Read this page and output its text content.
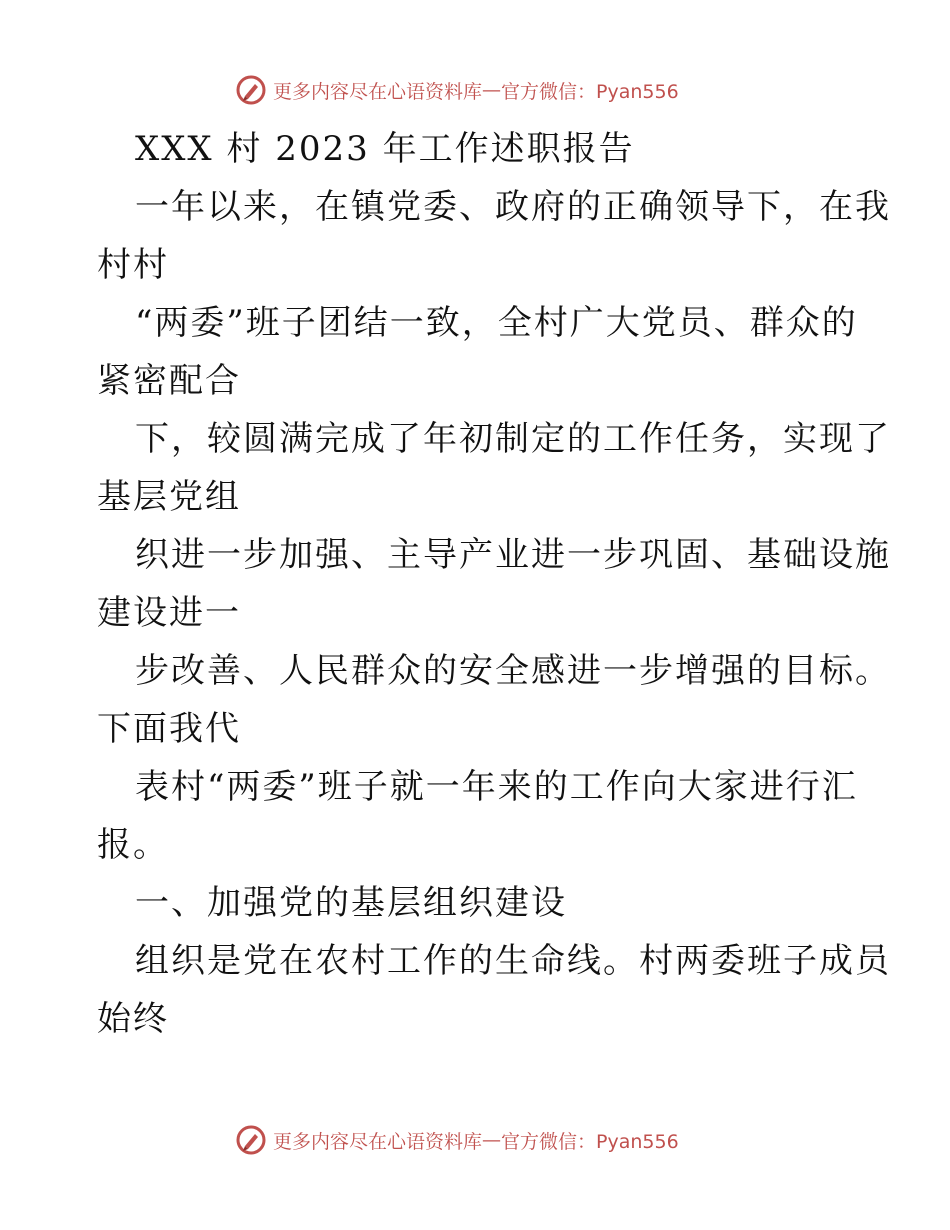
更多内容尽在心语资料库 — 官方微信：Pyan556

XXX 村 2023 年工作述职报告

一年以来，在镇党委、政府的正确领导下，在我

村村

“两委”班子团结一致，全村广大党员、群众的

紧密配合

下，较圆满完成了年初制定的工作任务，实现了

基层党组

织进一步加强、主导产业进一步巩固、基础设施

建设进一

步改善、人民群众的安全感进一步增强的目标。

下面我代

表村“两委”班子就一年来的工作向大家进行汇

报。

一、加强党的基层组织建设

组织是党在农村工作的生命线。村两委班子成员

始终

更多内容尽在心语资料库 — 官方微信：Pyan556
